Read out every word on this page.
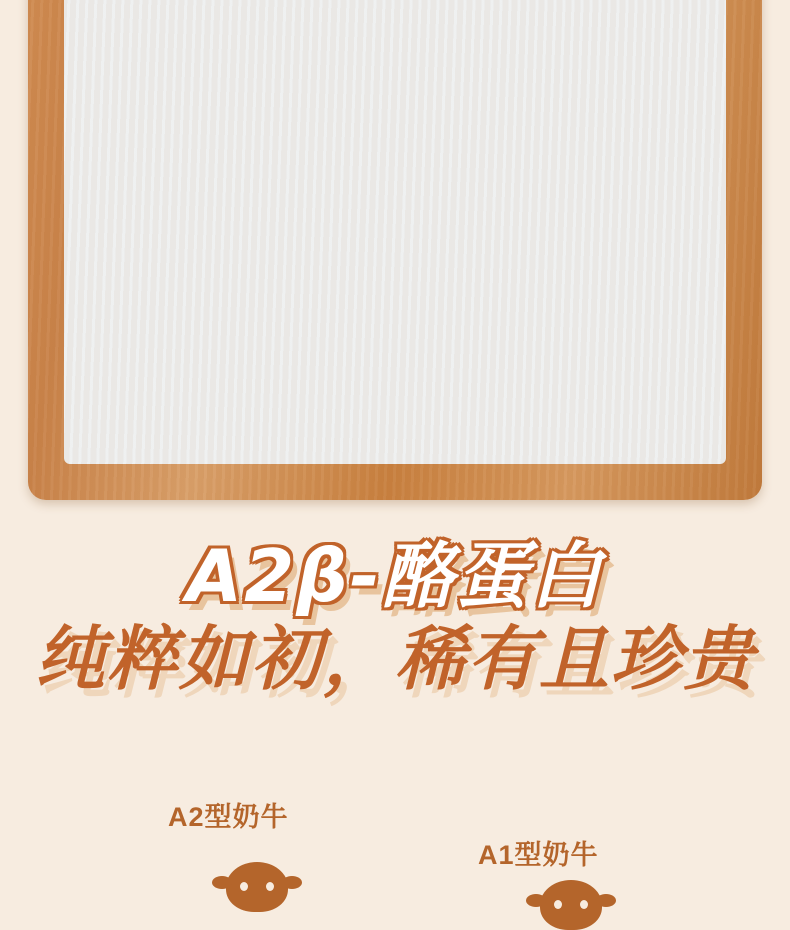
A2β-酪蛋白
纯粹如初，稀有且珍贵
A2型奶牛
A1型奶牛
